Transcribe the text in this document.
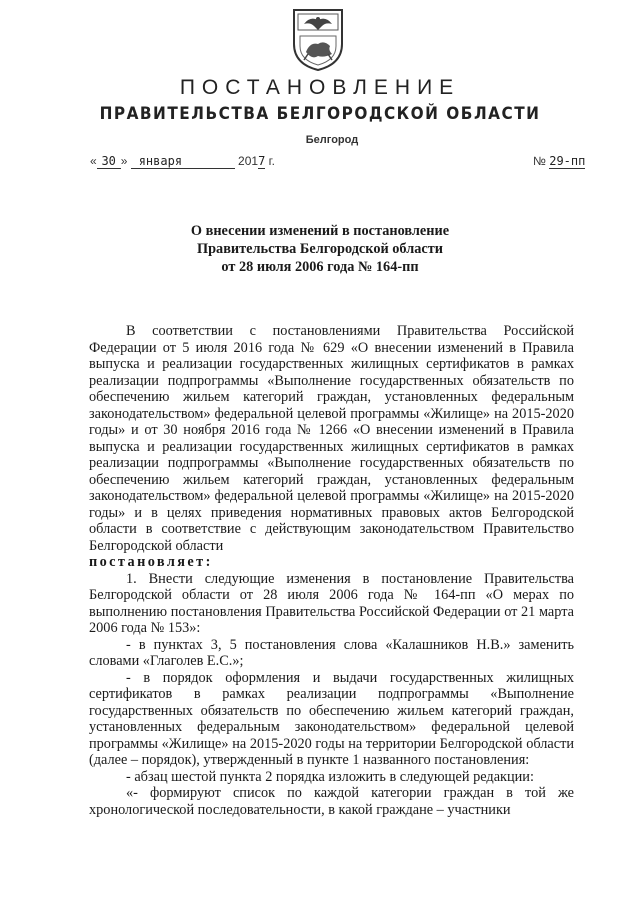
ПОСТАНОВЛЕНИЕ
ПРАВИТЕЛЬСТВА БЕЛГОРОДСКОЙ ОБЛАСТИ
Белгород
« 30 » января	2017 г.	№ 29-пп
О внесении изменений в постановление
Правительства Белгородской области
от 28 июля 2006 года № 164-пп

В соответствии с постановлениями Правительства Российской Федерации от 5 июля 2016 года № 629 «О внесении изменений в Правила выпуска и реализации государственных жилищных сертификатов в рамках реализации подпрограммы «Выполнение государственных обязательств по обеспечению жильем категорий граждан, установленных федеральным законодательством» федеральной целевой программы «Жилище» на 2015-2020 годы» и от 30 ноября 2016 года № 1266 «О внесении изменений в Правила выпуска и реализации государственных жилищных сертификатов в рамках реализации подпрограммы «Выполнение государственных обязательств по обеспечению жильем категорий граждан, установленных федеральным законодательством» федеральной целевой программы «Жилище» на 2015-2020 годы» и в целях приведения нормативных правовых актов Белгородской области в соответствие с действующим законодательством Правительство Белгородской области

постановляет:

1. Внести следующие изменения в постановление Правительства Белгородской области от 28 июля 2006 года № 164-пп «О мерах по выполнению постановления Правительства Российской Федерации от 21 марта 2006 года № 153»:

- в пунктах 3, 5 постановления слова «Калашников Н.В.» заменить словами «Глаголев Е.С.»;

- в порядок оформления и выдачи государственных жилищных сертификатов в рамках реализации подпрограммы «Выполнение государственных обязательств по обеспечению жильем категорий граждан, установленных федеральным законодательством» федеральной целевой программы «Жилище» на 2015-2020 годы на территории Белгородской области (далее – порядок), утвержденный в пункте 1 названного постановления:

- абзац шестой пункта 2 порядка изложить в следующей редакции:

«- формируют список по каждой категории граждан в той же хронологической последовательности, в какой граждане – участники
